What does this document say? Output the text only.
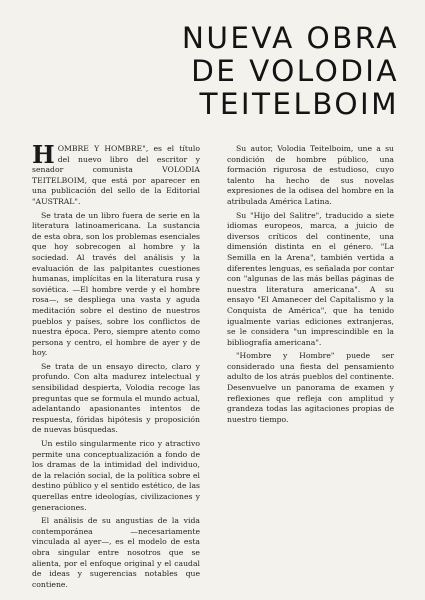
NUEVA OBRA
DE VOLODIA
TEITELBOIM

HOMBRE Y HOMBRE", es el título del nuevo libro del escritor y senador comunista VOLODIA TEITELBOIM, que está por aparecer en una publicación del sello de la Editorial "AUSTRAL".

Se trata de un libro fuera de serie en la literatura latinoamericana. La sustancia de esta obra, son los problemas esenciales que hoy sobrecogen al hombre y la sociedad. Al través del análisis y la evaluación de las palpitantes cuestiones humanas, implícitas en la literatura rusa y soviética. —El hombre verde y el hombre rosa—, se despliega una vasta y aguda meditación sobre el destino de nuestros pueblos y países, sobre los conflictos de nuestra época. Pero, siempre atento como persona y centro, el hombre de ayer y de hoy.

Se trata de un ensayo directo, claro y profundo. Con alta madurez intelectual y sensibilidad despierta, Volodia recoge las preguntas que se formula el mundo actual, adelantando apasionantes intentos de respuesta, fóridas hipótesis y proposición de nuevas búsquedas.

Un estilo singularmente rico y atractivo permite una conceptualización a fondo de los dramas de la intimidad del individuo, de la relación social, de la política sobre el destino público y el sentido estético, de las querellas entre ideologías, civilizaciones y generaciones.

El análisis de su angustias de la vida contemporánea —necesariamente vinculada al ayer—, es el modelo de esta obra singular entre nosotros que se alienta, por el enfoque original y el caudal de ideas y sugerencias notables que contiene.

Su autor, Volodia Teitelboim, une a su condición de hombre público, una formación rigurosa de estudioso, cuyo talento ha hecho de sus novelas expresiones de la odisea del hombre en la atribulada América Latina.

Su "Hijo del Salitre", traducido a siete idiomas europeos, marca, a juicio de diversos críticos del continente, una dimensión distinta en el género. "La Semilla en la Arena", también vertida a diferentes lenguas, es señalada por contar con "algunas de las más bellas páginas de nuestra literatura americana". A su ensayo "El Amanecer del Capitalismo y la Conquista de América", que ha tenido igualmente varias ediciones extranjeras, se le considera "un imprescindible en la bibliografía americana".

"Hombre y Hombre" puede ser considerado una fiesta del pensamiento adulto de los atrás pueblos del continente. Desenvuelve un panorama de examen y reflexiones que refleja con amplitud y grandeza todas las agitaciones propias de nuestro tiempo.
